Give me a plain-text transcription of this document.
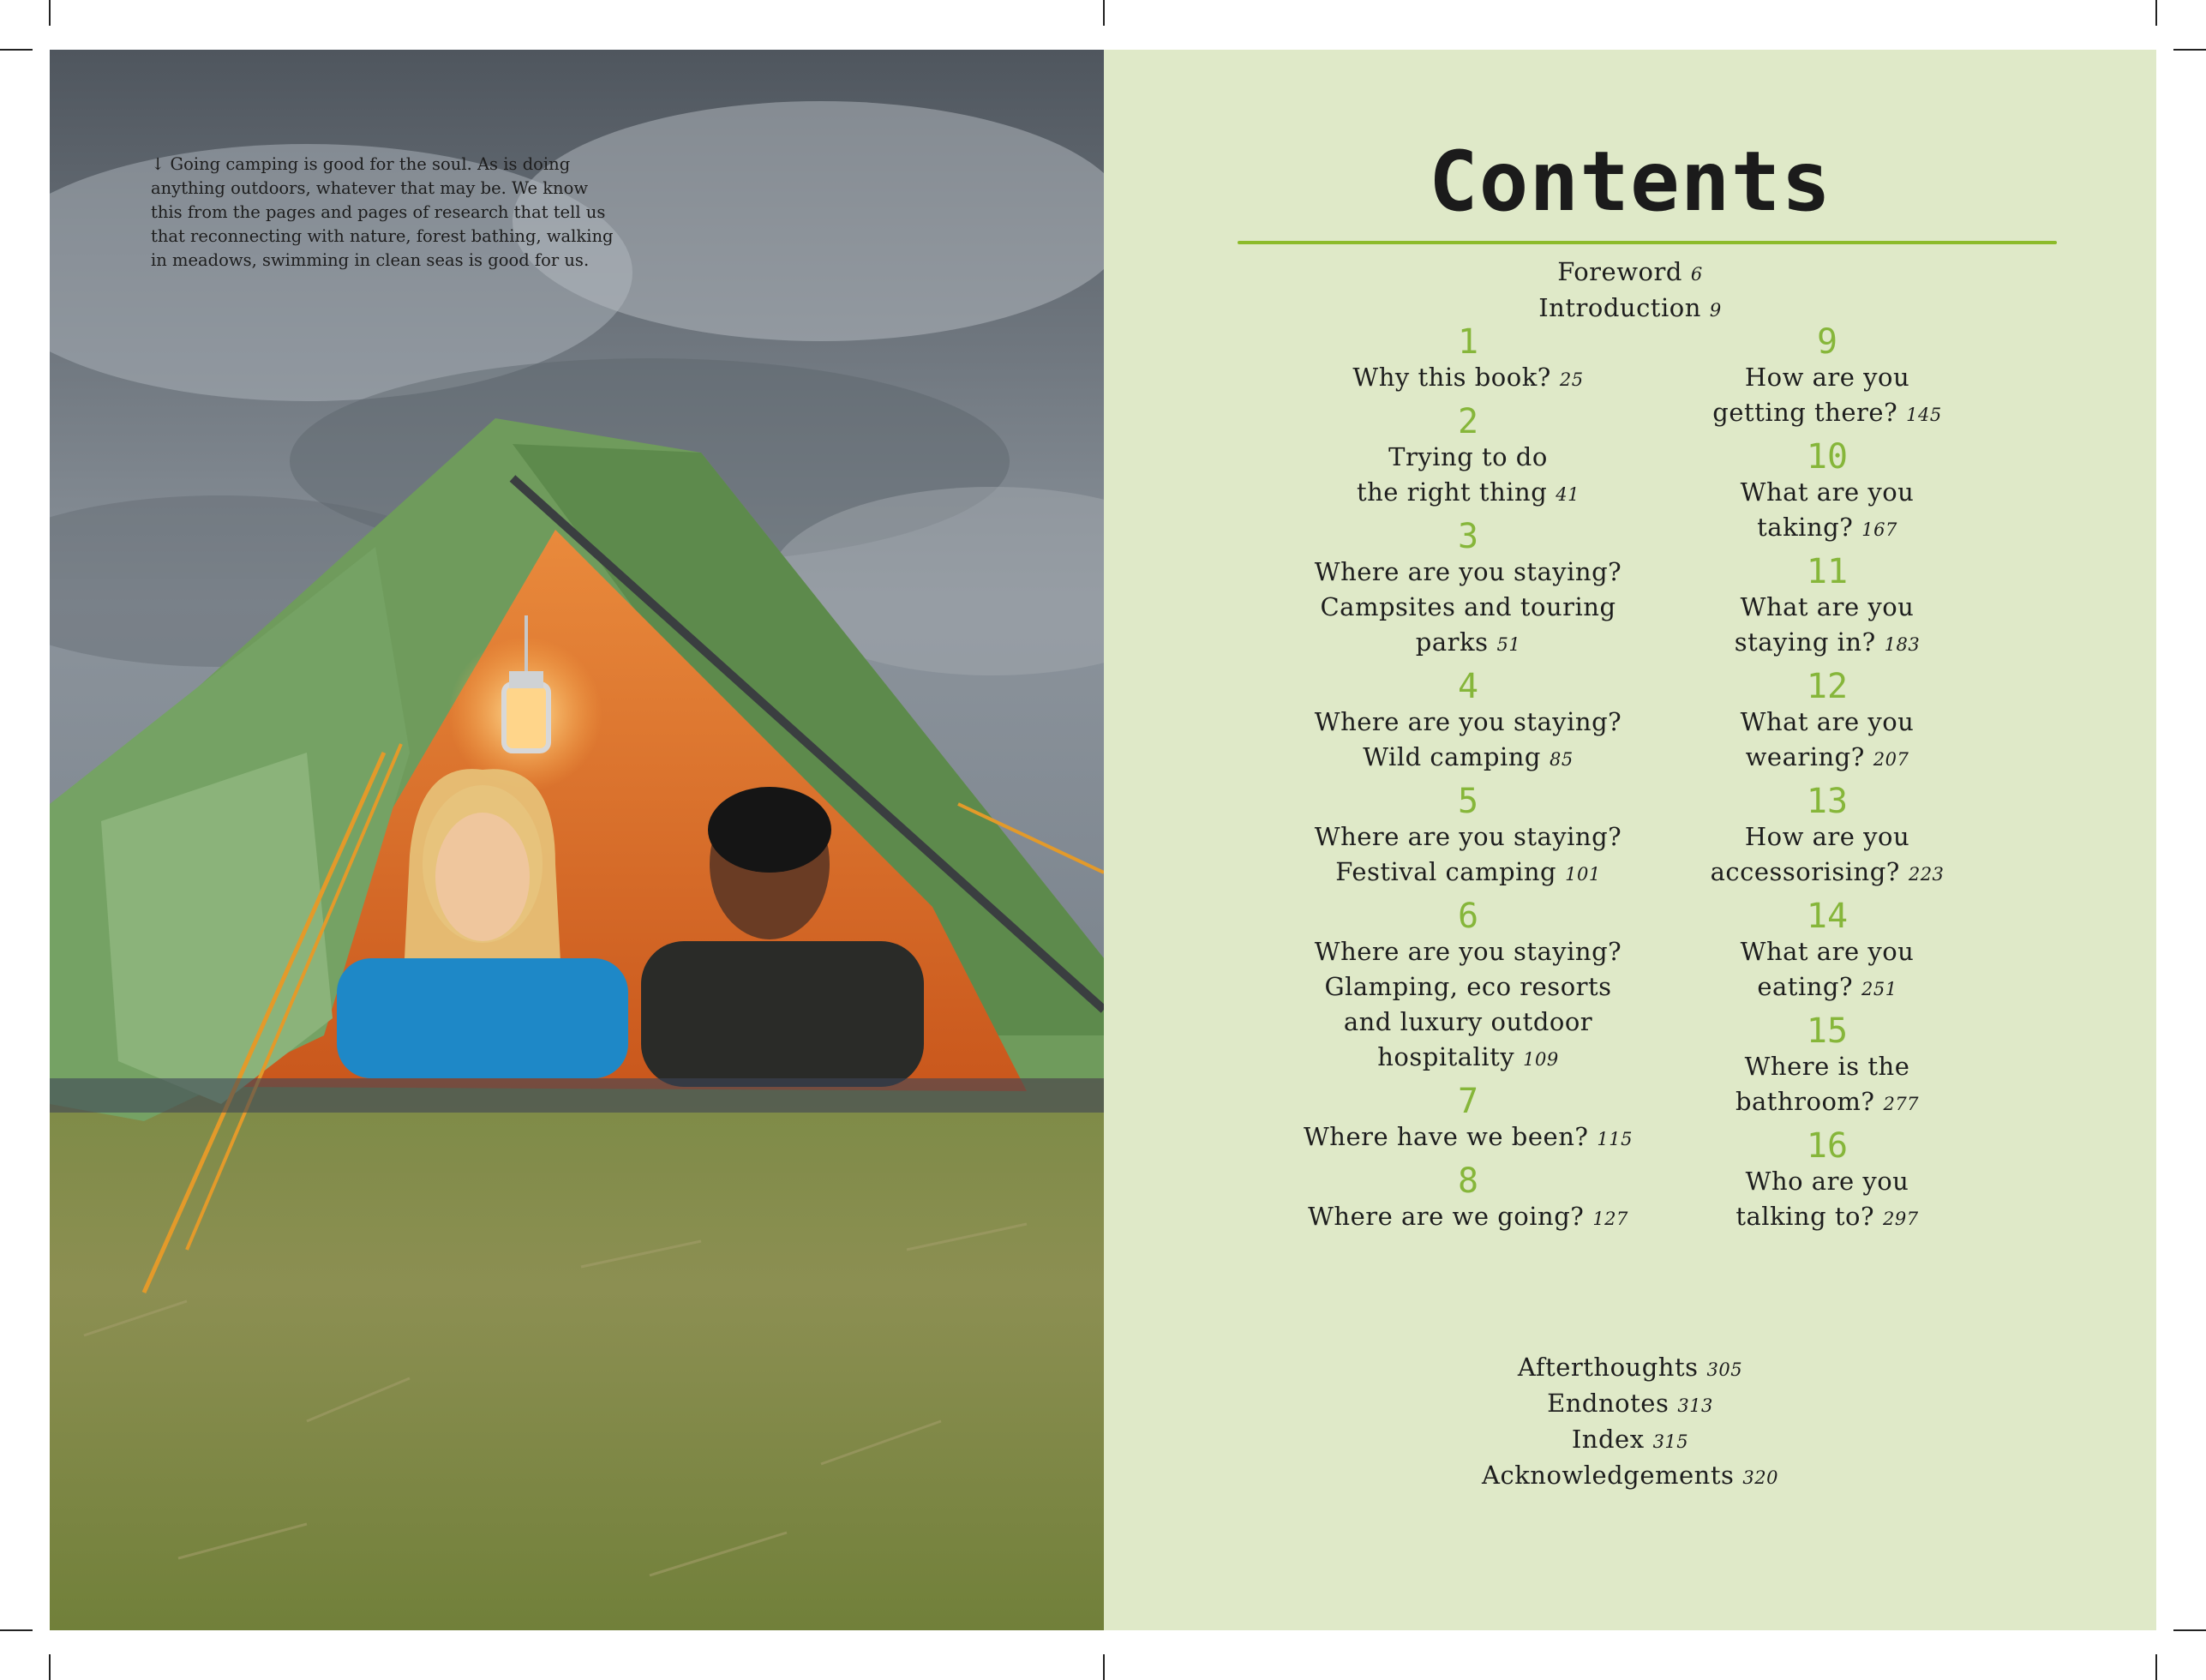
↓ Going camping is good for the soul. As is doing anything outdoors, whatever that may be. We know this from the pages and pages of research that tell us that reconnecting with nature, forest bathing, walking in meadows, swimming in clean seas is good for us.

Contents
Foreword 6
Introduction 9
1
Why this book? 25
2
Trying to do
the right thing 41
3
Where are you staying?
Campsites and touring
parks 51
4
Where are you staying?
Wild camping 85
5
Where are you staying?
Festival camping 101
6
Where are you staying?
Glamping, eco resorts
and luxury outdoor
hospitality 109
7
Where have we been? 115
8
Where are we going? 127
9
How are you
getting there? 145
10
What are you
taking? 167
11
What are you
staying in? 183
12
What are you
wearing? 207
13
How are you
accessorising? 223
14
What are you
eating? 251
15
Where is the
bathroom? 277
16
Who are you
talking to? 297
Afterthoughts 305
Endnotes 313
Index 315
Acknowledgements 320
